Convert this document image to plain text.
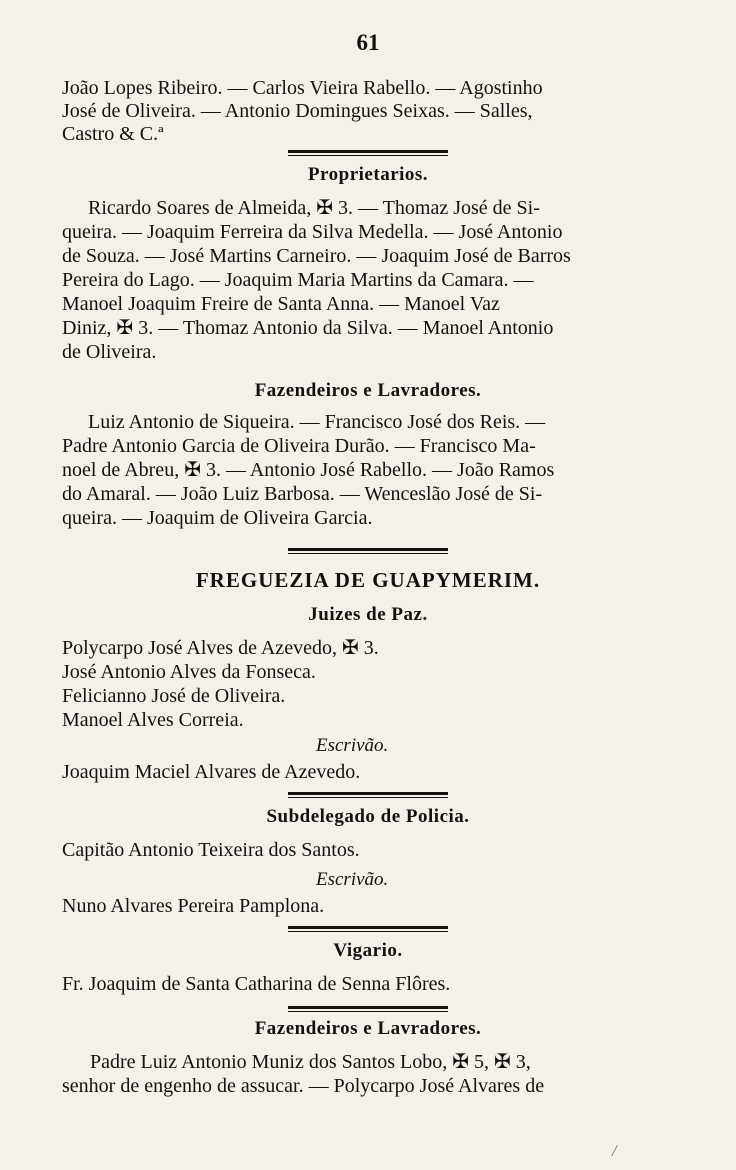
61
João Lopes Ribeiro. — Carlos Vieira Rabello. — Agostinho
José de Oliveira. — Antonio Domingues Seixas. — Salles,
Castro & C.ª
Proprietarios.
Ricardo Soares de Almeida, ✠ 3. — Thomaz José de Si-
queira. — Joaquim Ferreira da Silva Medella. — José Antonio
de Souza. — José Martins Carneiro. — Joaquim José de Barros
Pereira do Lago. — Joaquim Maria Martins da Camara. —
Manoel Joaquim Freire de Santa Anna. — Manoel Vaz
Diniz, ✠ 3. — Thomaz Antonio da Silva. — Manoel Antonio
de Oliveira.
Fazendeiros e Lavradores.
Luiz Antonio de Siqueira. — Francisco José dos Reis. —
Padre Antonio Garcia de Oliveira Durão. — Francisco Ma-
noel de Abreu, ✠ 3. — Antonio José Rabello. — João Ramos
do Amaral. — João Luiz Barbosa. — Wenceslão José de Si-
queira. — Joaquim de Oliveira Garcia.
FREGUEZIA DE GUAPYMERIM.
Juizes de Paz.
Polycarpo José Alves de Azevedo, ✠ 3.
José Antonio Alves da Fonseca.
Felicianno José de Oliveira.
Manoel Alves Correia.
Escrivão.
Joaquim Maciel Alvares de Azevedo.
Subdelegado de Policia.
Capitão Antonio Teixeira dos Santos.
Escrivão.
Nuno Alvares Pereira Pamplona.
Vigario.
Fr. Joaquim de Santa Catharina de Senna Flôres.
Fazendeiros e Lavradores.
Padre Luiz Antonio Muniz dos Santos Lobo, ✠ 5, ✠ 3,
senhor de engenho de assucar. — Polycarpo José Alvares de
/
